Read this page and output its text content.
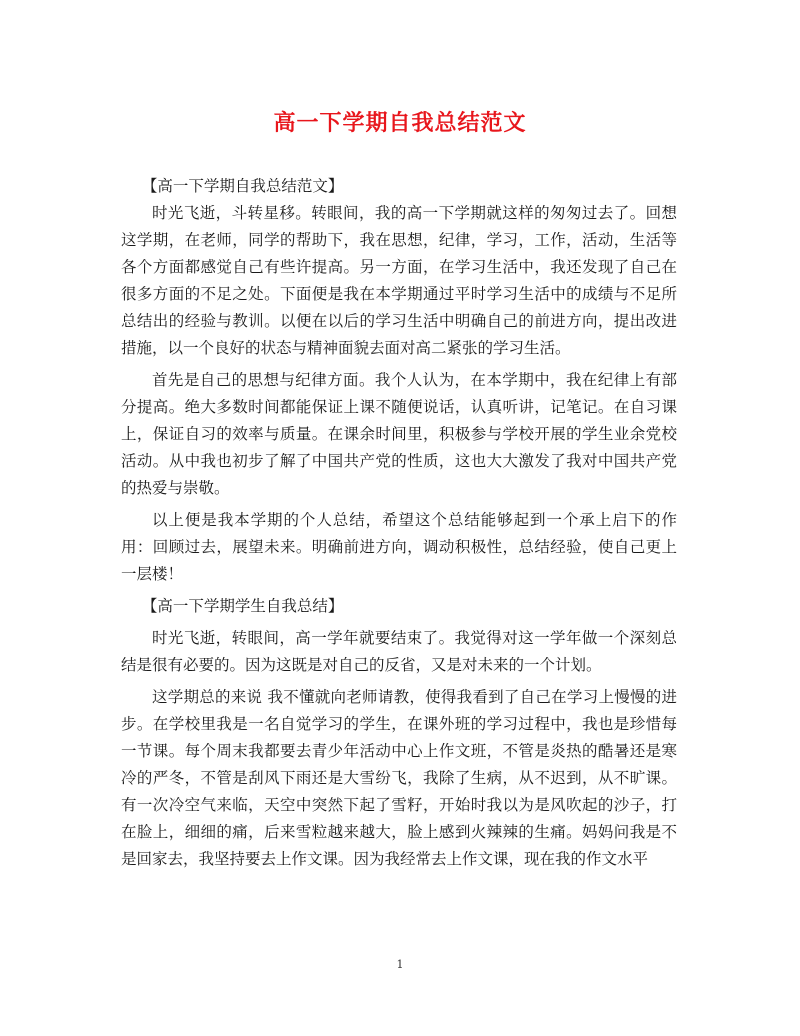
高一下学期自我总结范文

【高一下学期自我总结范文】

时光飞逝，斗转星移。转眼间，我的高一下学期就这样的匆匆过去了。回想这学期，在老师，同学的帮助下，我在思想，纪律，学习，工作，活动，生活等各个方面都感觉自己有些许提高。另一方面，在学习生活中，我还发现了自己在很多方面的不足之处。下面便是我在本学期通过平时学习生活中的成绩与不足所总结出的经验与教训。以便在以后的学习生活中明确自己的前进方向，提出改进措施，以一个良好的状态与精神面貌去面对高二紧张的学习生活。

首先是自己的思想与纪律方面。我个人认为，在本学期中，我在纪律上有部分提高。绝大多数时间都能保证上课不随便说话，认真听讲，记笔记。在自习课上，保证自习的效率与质量。在课余时间里，积极参与学校开展的学生业余党校活动。从中我也初步了解了中国共产党的性质，这也大大激发了我对中国共产党的热爱与崇敬。

以上便是我本学期的个人总结，希望这个总结能够起到一个承上启下的作用：回顾过去，展望未来。明确前进方向，调动积极性，总结经验，使自己更上一层楼！

【高一下学期学生自我总结】

时光飞逝，转眼间，高一学年就要结束了。我觉得对这一学年做一个深刻总结是很有必要的。因为这既是对自己的反省，又是对未来的一个计划。

这学期总的来说 我不懂就向老师请教，使得我看到了自己在学习上慢慢的进步。在学校里我是一名自觉学习的学生，在课外班的学习过程中，我也是珍惜每一节课。每个周末我都要去青少年活动中心上作文班，不管是炎热的酷暑还是寒冷的严冬，不管是刮风下雨还是大雪纷飞，我除了生病，从不迟到，从不旷课。有一次冷空气来临，天空中突然下起了雪籽，开始时我以为是风吹起的沙子，打在脸上，细细的痛，后来雪粒越来越大，脸上感到火辣辣的生痛。妈妈问我是不是回家去，我坚持要去上作文课。因为我经常去上作文课，现在我的作文水平

1
